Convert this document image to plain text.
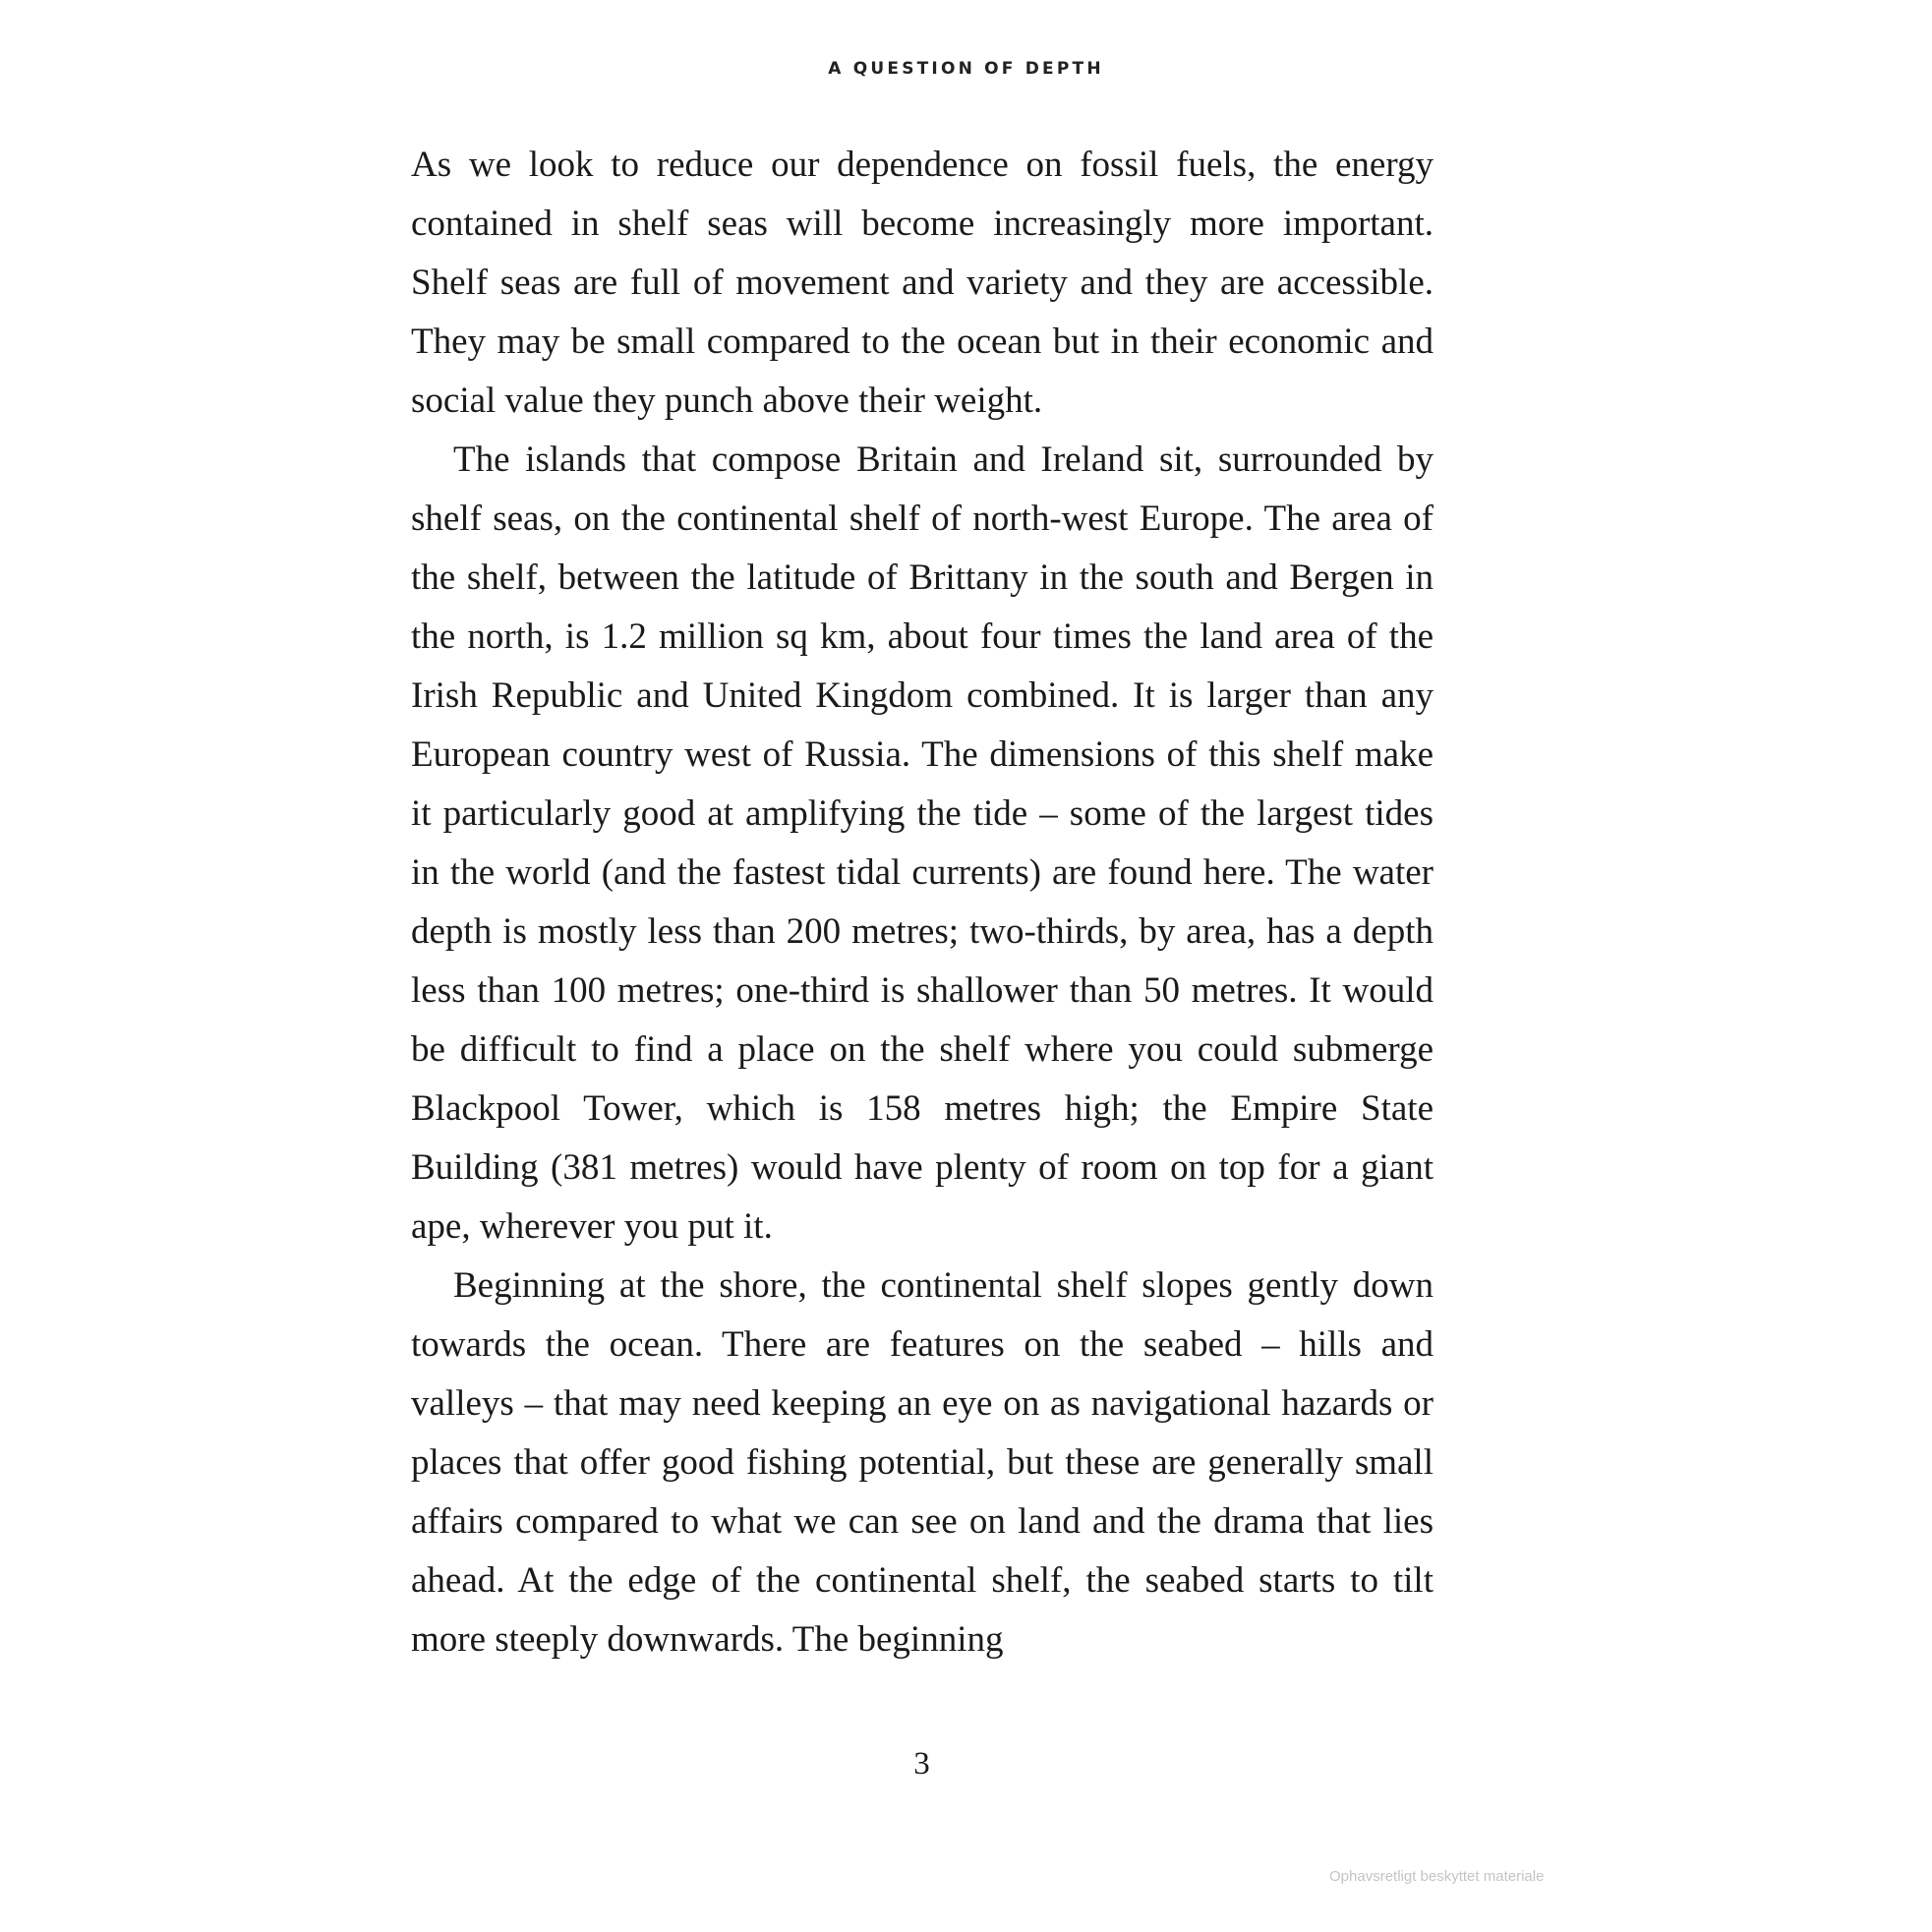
A QUESTION OF DEPTH

As we look to reduce our dependence on fossil fuels, the energy contained in shelf seas will become increasingly more important. Shelf seas are full of movement and variety and they are accessible. They may be small compared to the ocean but in their economic and social value they punch above their weight.

The islands that compose Britain and Ireland sit, surrounded by shelf seas, on the continental shelf of north-west Europe. The area of the shelf, between the latitude of Brittany in the south and Bergen in the north, is 1.2 million sq km, about four times the land area of the Irish Republic and United Kingdom combined. It is larger than any European country west of Russia. The dimensions of this shelf make it particularly good at amplifying the tide – some of the largest tides in the world (and the fastest tidal currents) are found here. The water depth is mostly less than 200 metres; two-thirds, by area, has a depth less than 100 metres; one-third is shallower than 50 metres. It would be difficult to find a place on the shelf where you could submerge Blackpool Tower, which is 158 metres high; the Empire State Building (381 metres) would have plenty of room on top for a giant ape, wherever you put it.

Beginning at the shore, the continental shelf slopes gently down towards the ocean. There are features on the seabed – hills and valleys – that may need keeping an eye on as navigational hazards or places that offer good fishing potential, but these are generally small affairs compared to what we can see on land and the drama that lies ahead. At the edge of the continental shelf, the seabed starts to tilt more steeply downwards. The beginning

3
Ophavsretligt beskyttet materiale
